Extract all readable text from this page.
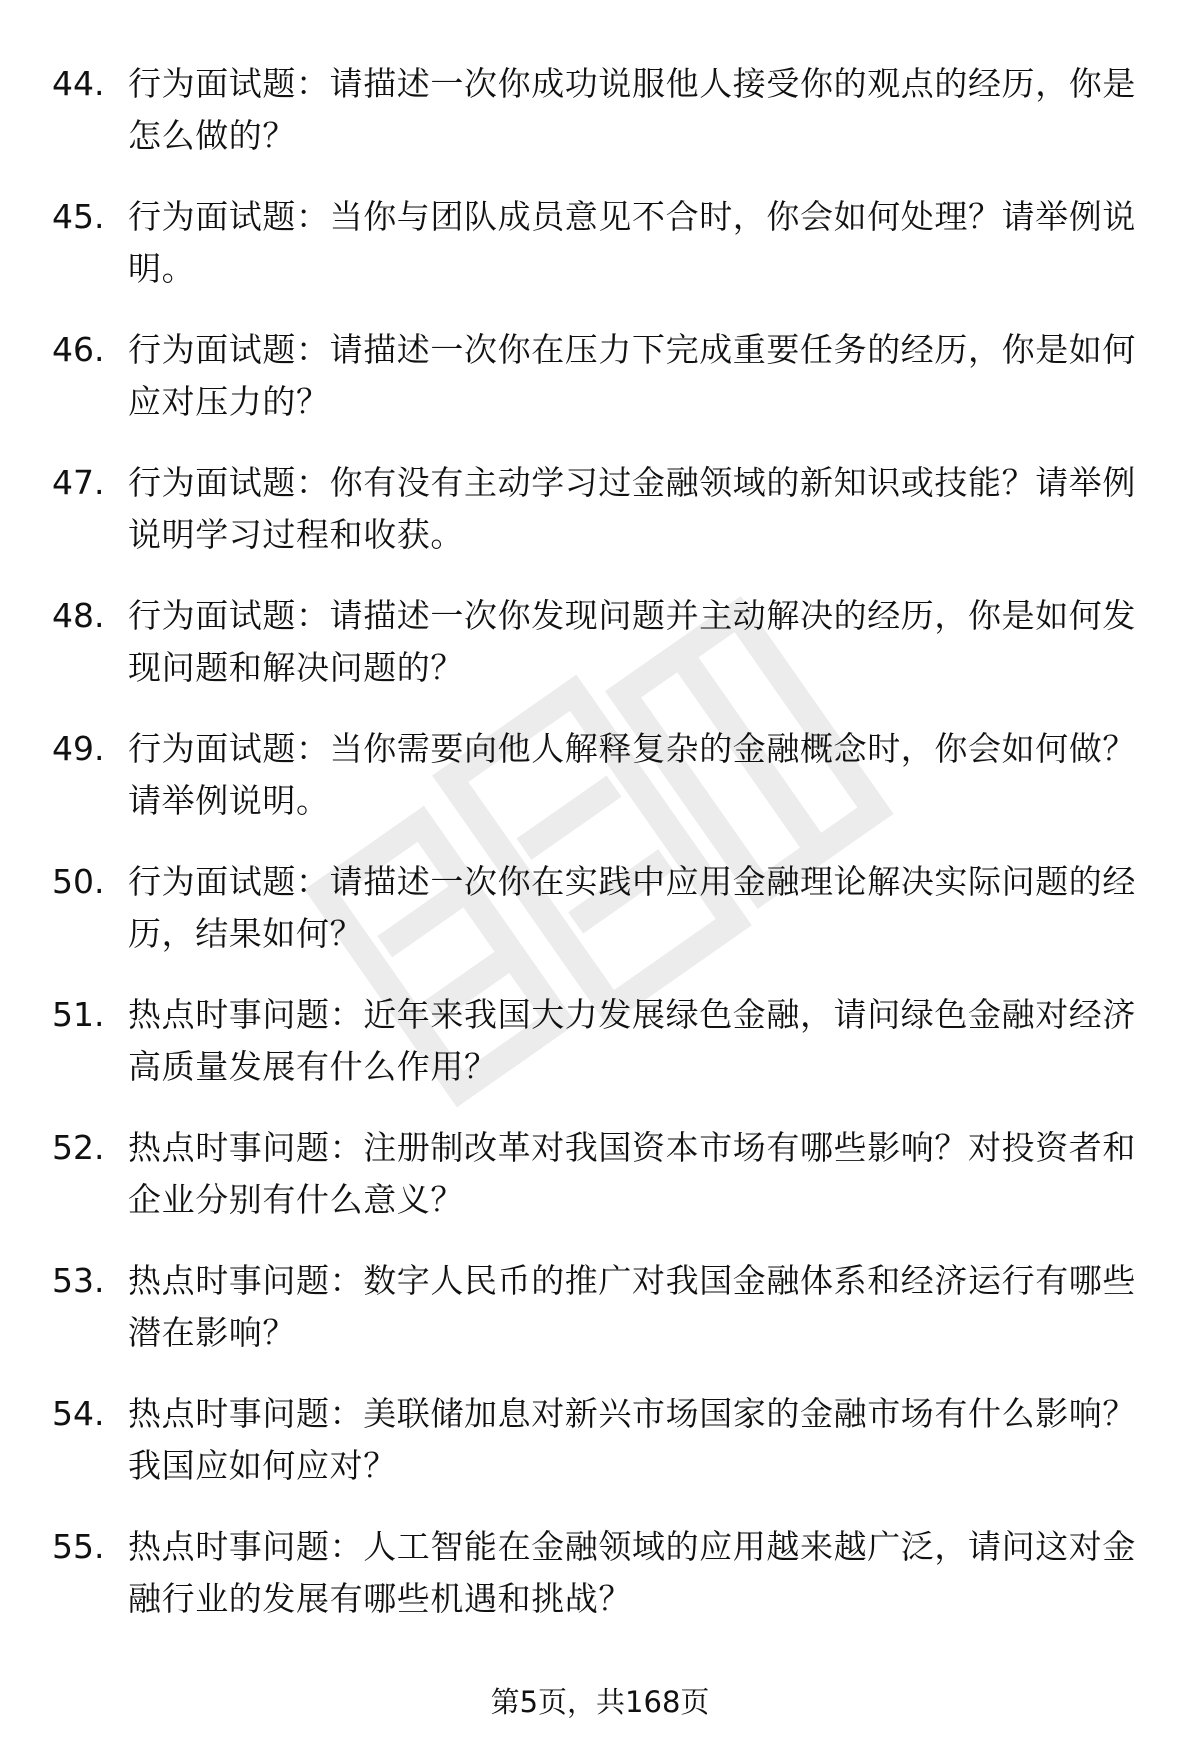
44. 行为面试题：请描述一次你成功说服他人接受你的观点的经历，你是怎么做的？
45. 行为面试题：当你与团队成员意见不合时，你会如何处理？请举例说明。
46. 行为面试题：请描述一次你在压力下完成重要任务的经历，你是如何应对压力的？
47. 行为面试题：你有没有主动学习过金融领域的新知识或技能？请举例说明学习过程和收获。
48. 行为面试题：请描述一次你发现问题并主动解决的经历，你是如何发现问题和解决问题的？
49. 行为面试题：当你需要向他人解释复杂的金融概念时，你会如何做？请举例说明。
50. 行为面试题：请描述一次你在实践中应用金融理论解决实际问题的经历，结果如何？
51. 热点时事问题：近年来我国大力发展绿色金融，请问绿色金融对经济高质量发展有什么作用？
52. 热点时事问题：注册制改革对我国资本市场有哪些影响？对投资者和企业分别有什么意义？
53. 热点时事问题：数字人民币的推广对我国金融体系和经济运行有哪些潜在影响？
54. 热点时事问题：美联储加息对新兴市场国家的金融市场有什么影响？我国应如何应对？
55. 热点时事问题：人工智能在金融领域的应用越来越广泛，请问这对金融行业的发展有哪些机遇和挑战？
第5页，共168页
